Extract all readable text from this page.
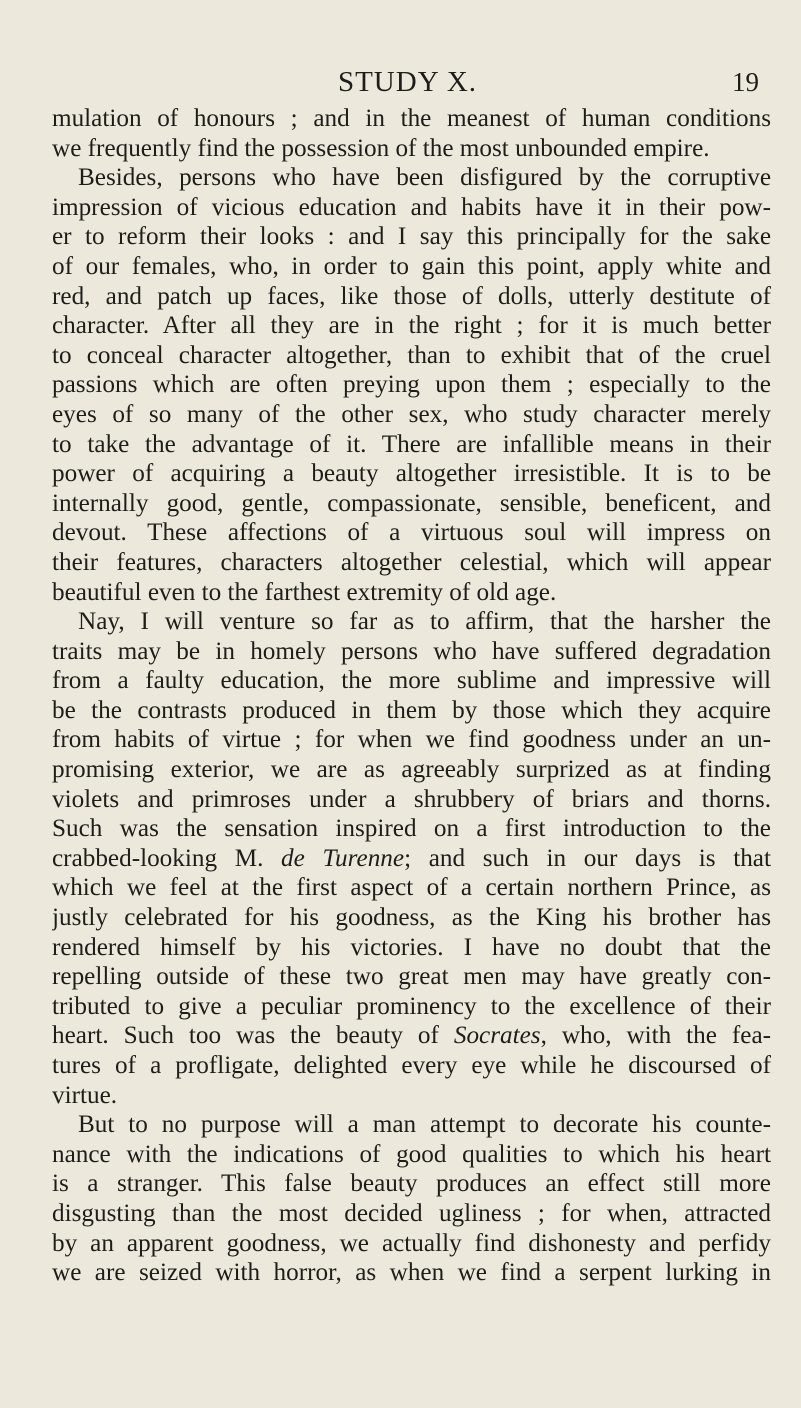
STUDY X.	19
mulation of honours ; and in the meanest of human conditions
we frequently find the possession of the most unbounded empire.
Besides, persons who have been disfigured by the corruptive
impression of vicious education and habits have it in their pow-
er to reform their looks : and I say this principally for the sake
of our females, who, in order to gain this point, apply white and
red, and patch up faces, like those of dolls, utterly destitute of
character. After all they are in the right ; for it is much better
to conceal character altogether, than to exhibit that of the cruel
passions which are often preying upon them ; especially to the
eyes of so many of the other sex, who study character merely
to take the advantage of it. There are infallible means in their
power of acquiring a beauty altogether irresistible. It is to be
internally good, gentle, compassionate, sensible, beneficent, and
devout. These affections of a virtuous soul will impress on
their features, characters altogether celestial, which will appear
beautiful even to the farthest extremity of old age.
Nay, I will venture so far as to affirm, that the harsher the
traits may be in homely persons who have suffered degradation
from a faulty education, the more sublime and impressive will
be the contrasts produced in them by those which they acquire
from habits of virtue ; for when we find goodness under an un-
promising exterior, we are as agreeably surprized as at finding
violets and primroses under a shrubbery of briars and thorns.
Such was the sensation inspired on a first introduction to the
crabbed-looking M. de Turenne; and such in our days is that
which we feel at the first aspect of a certain northern Prince, as
justly celebrated for his goodness, as the King his brother has
rendered himself by his victories. I have no doubt that the
repelling outside of these two great men may have greatly con-
tributed to give a peculiar prominency to the excellence of their
heart. Such too was the beauty of Socrates, who, with the fea-
tures of a profligate, delighted every eye while he discoursed of
virtue.
But to no purpose will a man attempt to decorate his counte-
nance with the indications of good qualities to which his heart
is a stranger. This false beauty produces an effect still more
disgusting than the most decided ugliness ; for when, attracted
by an apparent goodness, we actually find dishonesty and perfidy
we are seized with horror, as when we find a serpent lurking in
